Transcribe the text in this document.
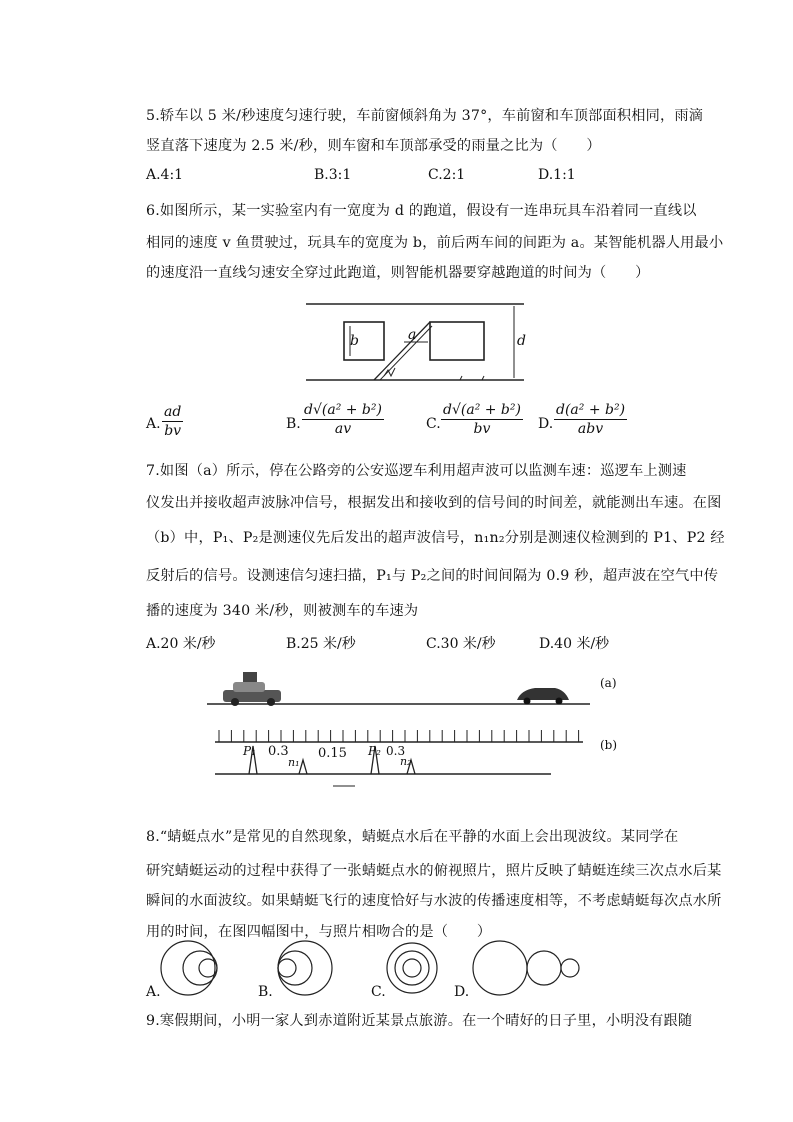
5.轿车以 5 米/秒速度匀速行驶，车前窗倾斜角为 37°，车前窗和车顶部面积相同，雨滴
竖直落下速度为 2.5 米/秒，则车窗和车顶部承受的雨量之比为（　　）
A.4:1	B.3:1	C.2:1	D.1:1
6.如图所示，某一实验室内有一宽度为 d 的跑道，假设有一连串玩具车沿着同一直线以
相同的速度 v 鱼贯驶过，玩具车的宽度为 b，前后两车间的间距为 a。某智能机器人用最小
的速度沿一直线匀速安全穿过此跑道，则智能机器要穿越跑道的时间为（　　）
b	a	d
A. $\frac{ad}{bv}$	B. $\frac{\text{d√(a² + b²)}}{av}$	C. $\frac{\text{d√(a² + b²)}}{bv} D$.
d(a² + b²)
abv
7.如图（a）所示，停在公路旁的公安巡逻车利用超声波可以监测车速：巡逻车上测速
仪发出并接收超声波脉冲信号，根据发出和接收到的信号间的时间差，就能测出车速。在图
（b）中，P₁、P₂是测速仪先后发出的超声波信号，n₁n₂分别是测速仪检测到的 P1、P2 经
反射后的信号。设测速信匀速扫描，P₁与 P₂之间的时间间隔为 0.9 秒，超声波在空气中传
播的速度为 340 米/秒，则被测车的车速为
A.20 米/秒	B.25 米/秒	C.30 米/秒	D.40 米/秒
(a)
(b)
P₁ 0.3
n₁
0.15 P₂ 0.3
n₂
8.“蜻蜓点水”是常见的自然现象，蜻蜓点水后在平静的水面上会出现波纹。某同学在
研究蜻蜓运动的过程中获得了一张蜻蜓点水的俯视照片，照片反映了蜻蜓连续三次点水后某
瞬间的水面波纹。如果蜻蜓飞行的速度恰好与水波的传播速度相等，不考虑蜻蜓每次点水所
用的时间，在图四幅图中，与照片相吻合的是（　　）
A.	B.	C.	D.
9.寒假期间，小明一家人到赤道附近某景点旅游。在一个晴好的日子里，小明没有跟随
